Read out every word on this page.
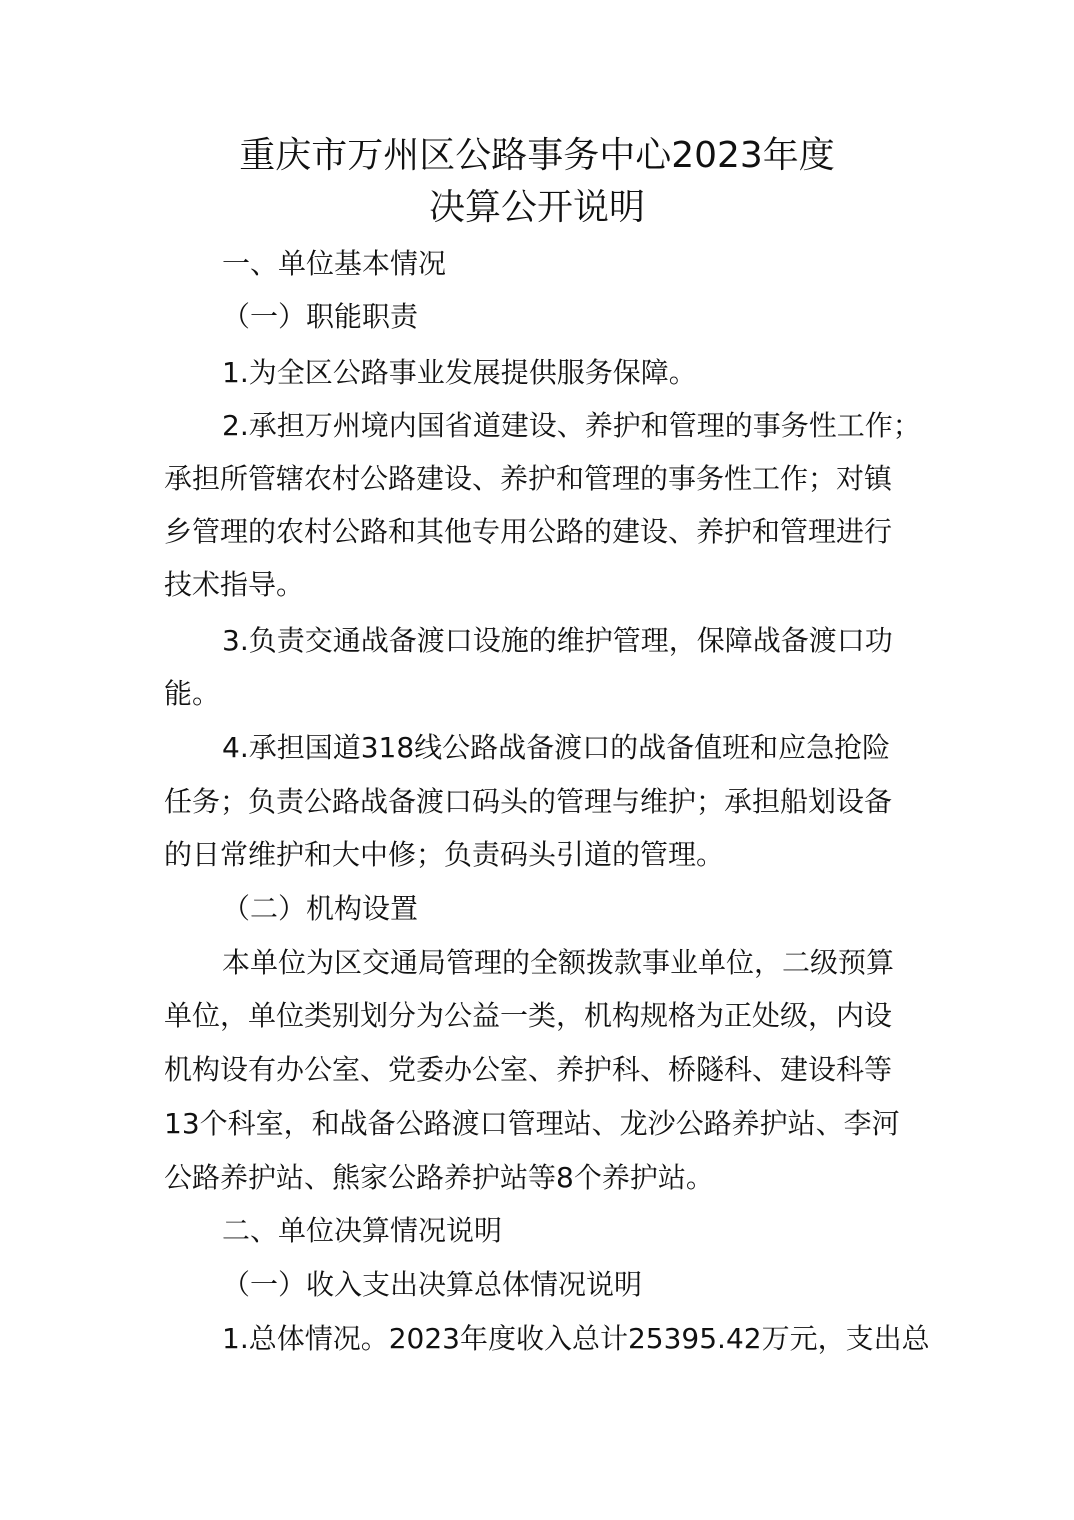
重庆市万州区公路事务中心2023年度
决算公开说明
一、单位基本情况
（一）职能职责
1.为全区公路事业发展提供服务保障。
2.承担万州境内国省道建设、养护和管理的事务性工作；
承担所管辖农村公路建设、养护和管理的事务性工作；对镇
乡管理的农村公路和其他专用公路的建设、养护和管理进行
技术指导。
3.负责交通战备渡口设施的维护管理，保障战备渡口功
能。
4.承担国道318线公路战备渡口的战备值班和应急抢险
任务；负责公路战备渡口码头的管理与维护；承担船划设备
的日常维护和大中修；负责码头引道的管理。
（二）机构设置
本单位为区交通局管理的全额拨款事业单位，二级预算
单位，单位类别划分为公益一类，机构规格为正处级，内设
机构设有办公室、党委办公室、养护科、桥隧科、建设科等
13个科室，和战备公路渡口管理站、龙沙公路养护站、李河
公路养护站、熊家公路养护站等8个养护站。
二、单位决算情况说明
（一）收入支出决算总体情况说明
1.总体情况。2023年度收入总计25395.42万元，支出总
